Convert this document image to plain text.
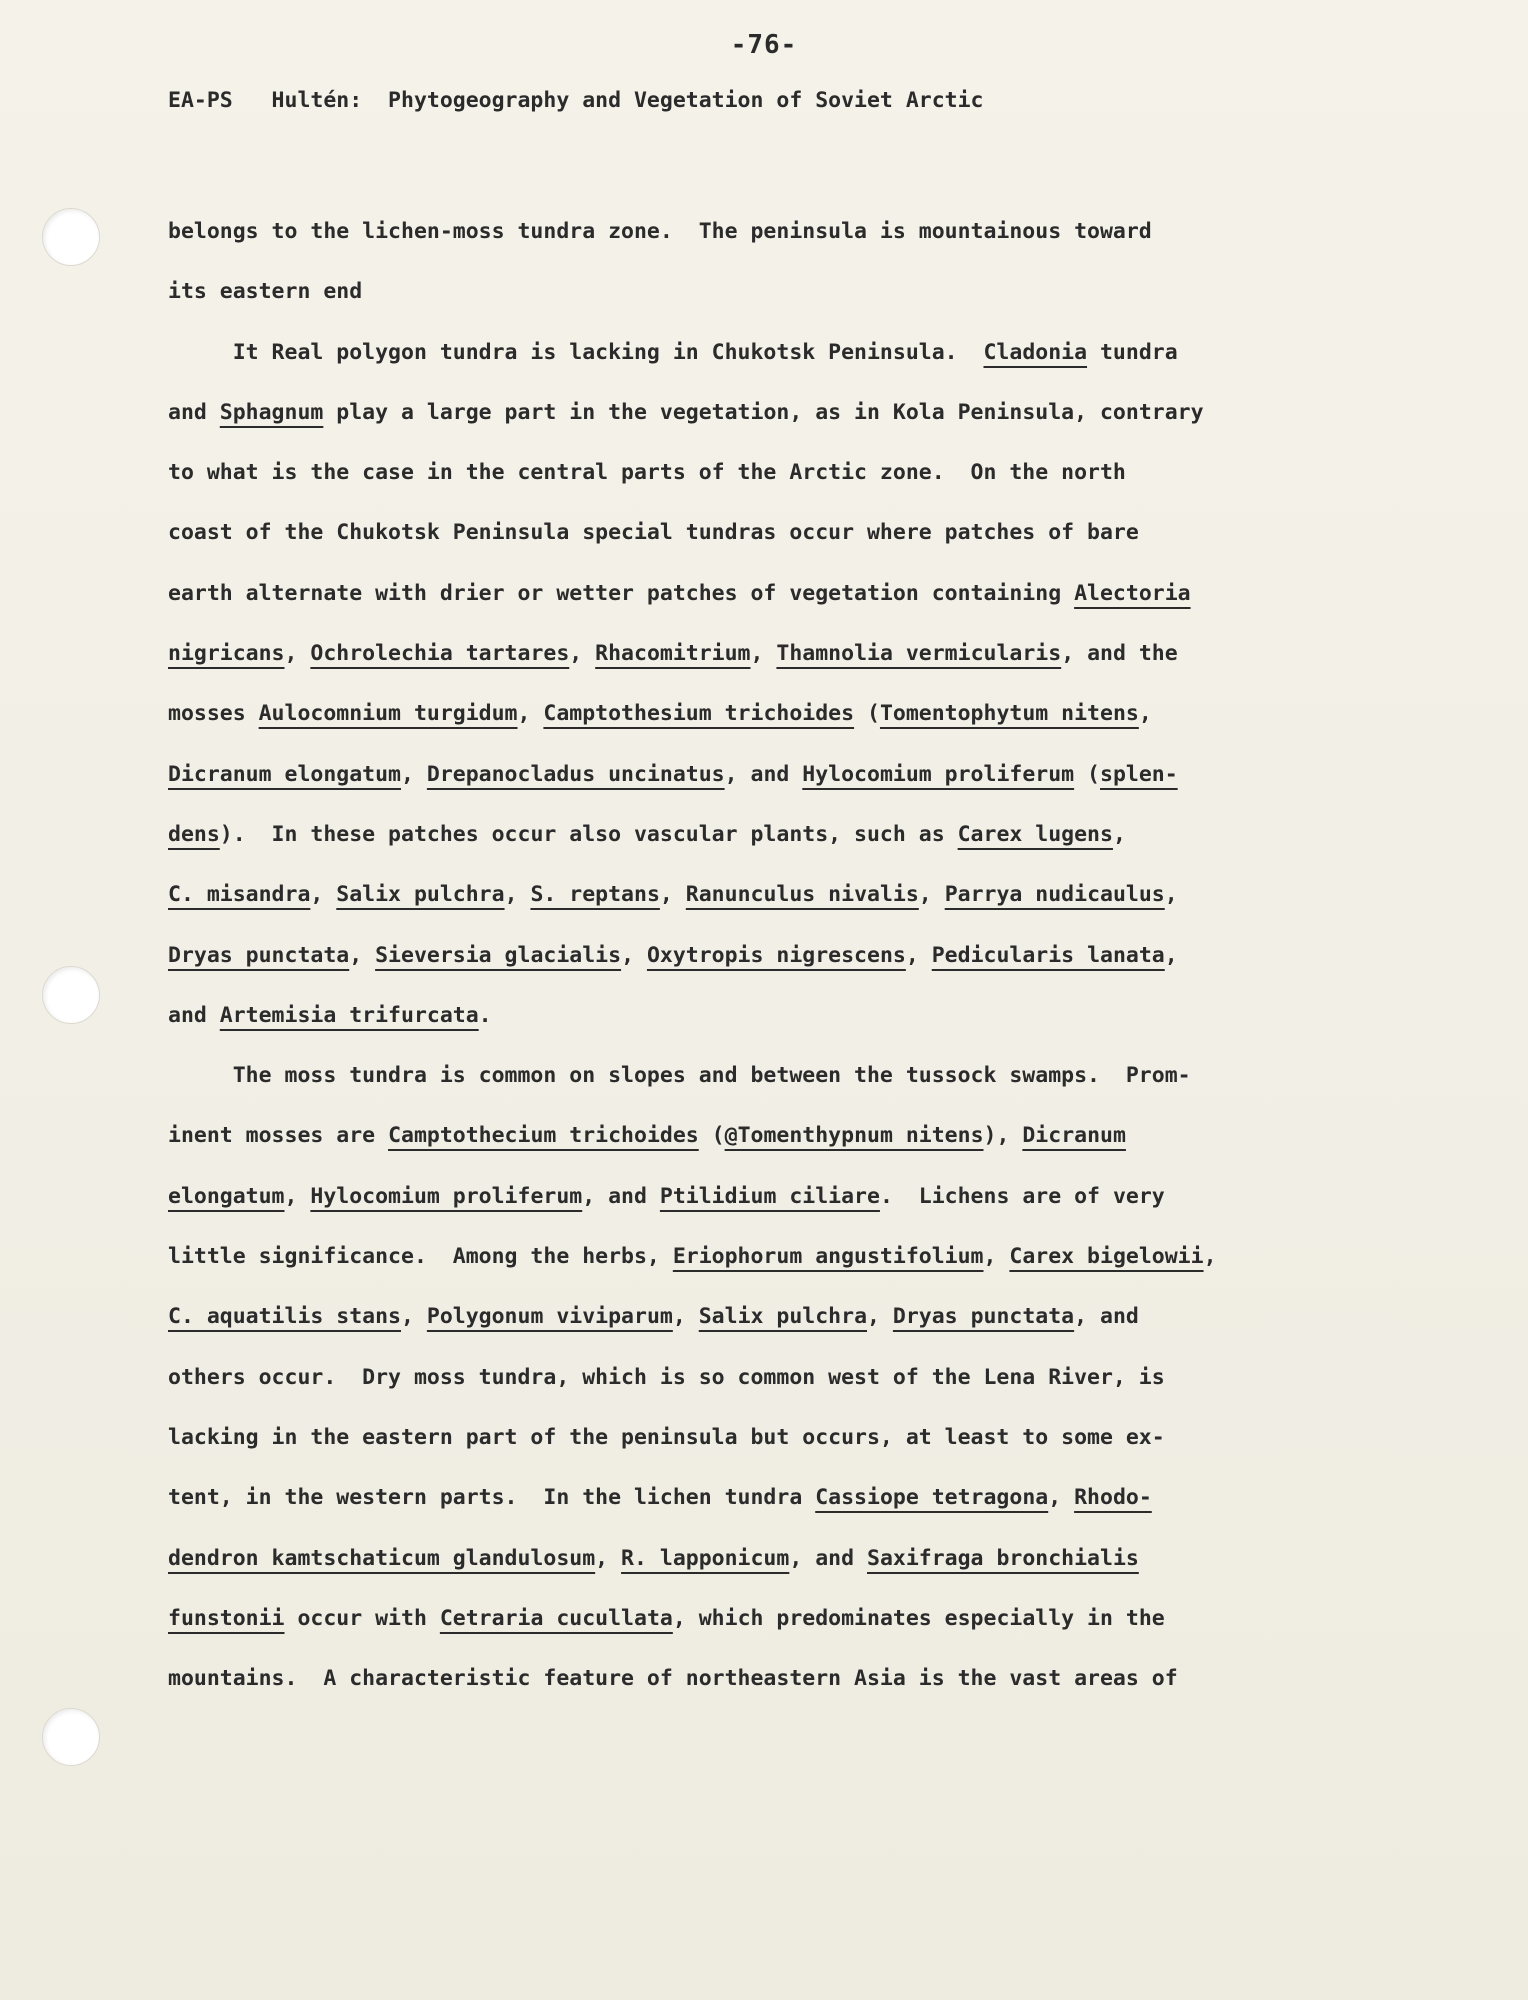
-76-
EA-PS   Hultén:  Phytogeography and Vegetation of Soviet Arctic
belongs to the lichen-moss tundra zone.  The peninsula is mountainous toward
its eastern end
It Real polygon tundra is lacking in Chukotsk Peninsula.  Cladonia tundra
and Sphagnum play a large part in the vegetation, as in Kola Peninsula, contrary
to what is the case in the central parts of the Arctic zone.  On the north
coast of the Chukotsk Peninsula special tundras occur where patches of bare
earth alternate with drier or wetter patches of vegetation containing Alectoria
nigricans, Ochrolechia tartares, Rhacomitrium, Thamnolia vermicularis, and the
mosses Aulocomnium turgidum, Camptothesium trichoides (Tomentophytum nitens,
Dicranum elongatum, Drepanocladus uncinatus, and Hylocomium proliferum (splen-
dens).  In these patches occur also vascular plants, such as Carex lugens,
C. misandra, Salix pulchra, S. reptans, Ranunculus nivalis, Parrya nudicaulus,
Dryas punctata, Sieversia glacialis, Oxytropis nigrescens, Pedicularis lanata,
and Artemisia trifurcata.
The moss tundra is common on slopes and between the tussock swamps.  Prom-
inent mosses are Camptothecium trichoides (@Tomenthypnum nitens), Dicranum
elongatum, Hylocomium proliferum, and Ptilidium ciliare.  Lichens are of very
little significance.  Among the herbs, Eriophorum angustifolium, Carex bigelowii,
C. aquatilis stans, Polygonum viviparum, Salix pulchra, Dryas punctata, and
others occur.  Dry moss tundra, which is so common west of the Lena River, is
lacking in the eastern part of the peninsula but occurs, at least to some ex-
tent, in the western parts.  In the lichen tundra Cassiope tetragona, Rhodo-
dendron kamtschaticum glandulosum, R. lapponicum, and Saxifraga bronchialis
funstonii occur with Cetraria cucullata, which predominates especially in the
mountains.  A characteristic feature of northeastern Asia is the vast areas of
